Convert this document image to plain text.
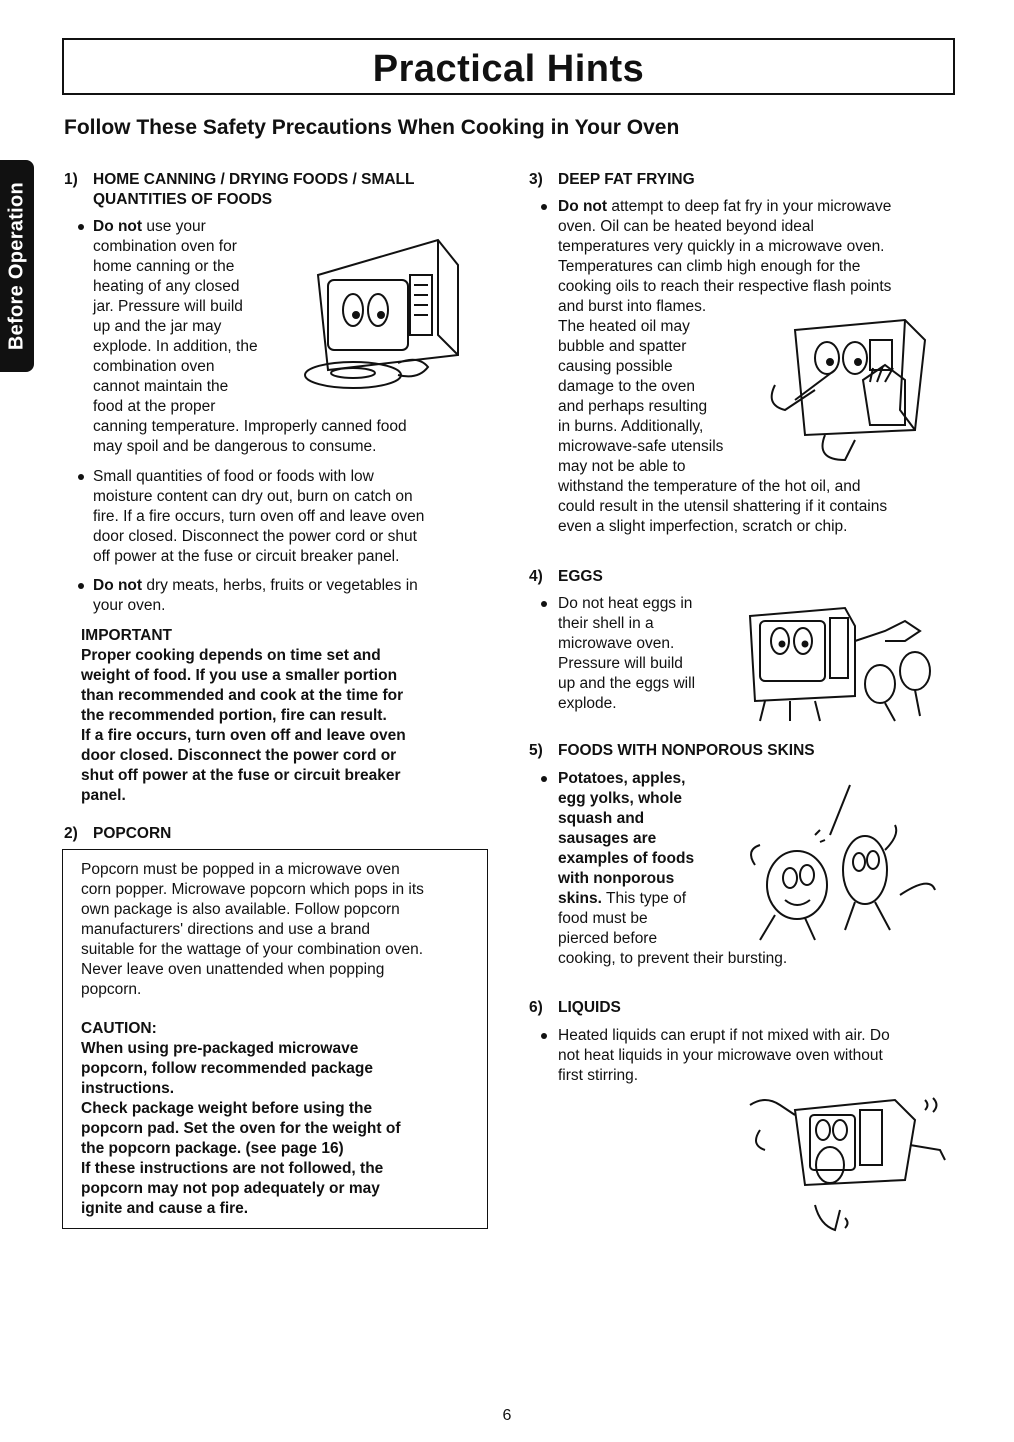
Practical Hints
Follow These Safety Precautions When Cooking in Your Oven
Before Operation
1) HOME CANNING / DRYING FOODS / SMALL
QUANTITIES OF FOODS
Do not use your
combination oven for
home canning or the
heating of any closed
jar. Pressure will build
up and the jar may
explode. In addition, the
combination oven
cannot maintain the
food at the proper
canning temperature. Improperly canned food
may spoil and be dangerous to consume.
Small quantities of food or foods with low
moisture content can dry out, burn on catch on
fire. If a fire occurs, turn oven off and leave oven
door closed. Disconnect the power cord or shut
off power at the fuse or circuit breaker panel.
Do not dry meats, herbs, fruits or vegetables in
your oven.
IMPORTANT
Proper cooking depends on time set and
weight of food. If you use a smaller portion
than recommended and cook at the time for
the recommended portion, fire can result.
If a fire occurs, turn oven off and leave oven
door closed. Disconnect the power cord or
shut off power at the fuse or circuit breaker
panel.
2) POPCORN
Popcorn must be popped in a microwave oven
corn popper. Microwave popcorn which pops in its
own package is also available. Follow popcorn
manufacturers' directions and use a brand
suitable for the wattage of your combination oven.
Never leave oven unattended when popping
popcorn.
CAUTION:
When using pre-packaged microwave
popcorn, follow recommended package
instructions.
Check package weight before using the
popcorn pad. Set the oven for the weight of
the popcorn package. (see page 16)
If these instructions are not followed, the
popcorn may not pop adequately or may
ignite and cause a fire.
3) DEEP FAT FRYING
Do not attempt to deep fat fry in your microwave
oven. Oil can be heated beyond ideal
temperatures very quickly in a microwave oven.
Temperatures can climb high enough for the
cooking oils to reach their respective flash points
and burst into flames.
The heated oil may
bubble and spatter
causing possible
damage to the oven
and perhaps resulting
in burns. Additionally,
microwave-safe utensils
may not be able to
withstand the temperature of the hot oil, and
could result in the utensil shattering if it contains
even a slight imperfection, scratch or chip.
4) EGGS
Do not heat eggs in
their shell in a
microwave oven.
Pressure will build
up and the eggs will
explode.
5) FOODS WITH NONPOROUS SKINS
Potatoes, apples,
egg yolks, whole
squash and
sausages are
examples of foods
with nonporous
skins. This type of
food must be
pierced before
cooking, to prevent their bursting.
6) LIQUIDS
Heated liquids can erupt if not mixed with air. Do
not heat liquids in your microwave oven without
first stirring.
6
